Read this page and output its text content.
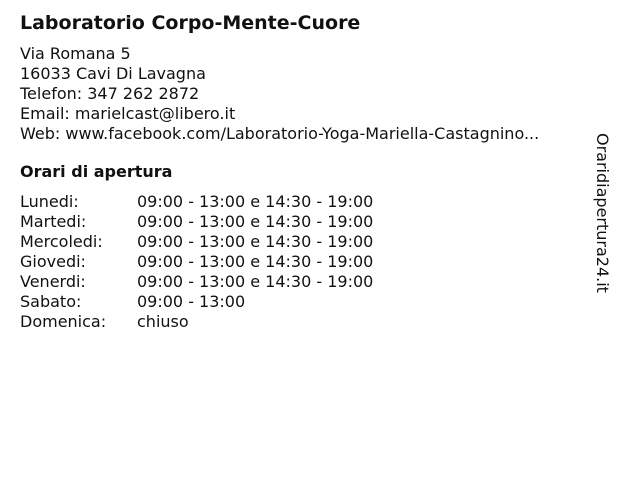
Laboratorio Corpo-Mente-Cuore
Via Romana 5
16033 Cavi Di Lavagna
Telefon: 347 262 2872
Email: marielcast@libero.it
Web: www.facebook.com/Laboratorio-Yoga-Mariella-Castagnino...
Orari di apertura
Lunedi:	09:00 - 13:00 e 14:30 - 19:00
Martedi:	09:00 - 13:00 e 14:30 - 19:00
Mercoledi:	09:00 - 13:00 e 14:30 - 19:00
Giovedi:	09:00 - 13:00 e 14:30 - 19:00
Venerdi:	09:00 - 13:00 e 14:30 - 19:00
Sabato:	09:00 - 13:00
Domenica:	chiuso
Oraridiapertura24.it
